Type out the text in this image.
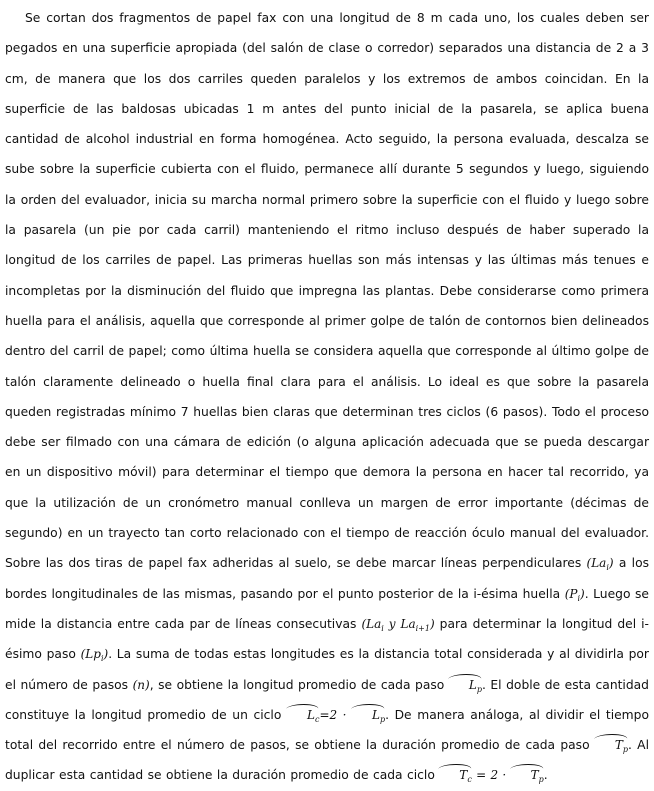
Se cortan dos fragmentos de papel fax con una longitud de 8 m cada uno, los cuales deben ser pegados en una superficie apropiada (del salón de clase o corredor) separados una distancia de 2 a 3 cm, de manera que los dos carriles queden paralelos y los extremos de ambos coincidan. En la superficie de las baldosas ubicadas 1 m antes del punto inicial de la pasarela, se aplica buena cantidad de alcohol industrial en forma homogénea. Acto seguido, la persona evaluada, descalza se sube sobre la superficie cubierta con el fluido, permanece allí durante 5 segundos y luego, siguiendo la orden del evaluador, inicia su marcha normal primero sobre la superficie con el fluido y luego sobre la pasarela (un pie por cada carril) manteniendo el ritmo incluso después de haber superado la longitud de los carriles de papel. Las primeras huellas son más intensas y las últimas más tenues e incompletas por la disminución del fluido que impregna las plantas. Debe considerarse como primera huella para el análisis, aquella que corresponde al primer golpe de talón de contornos bien delineados dentro del carril de papel; como última huella se considera aquella que corresponde al último golpe de talón claramente delineado o huella final clara para el análisis. Lo ideal es que sobre la pasarela queden registradas mínimo 7 huellas bien claras que determinan tres ciclos (6 pasos). Todo el proceso debe ser filmado con una cámara de edición (o alguna aplicación adecuada que se pueda descargar en un dispositivo móvil) para determinar el tiempo que demora la persona en hacer tal recorrido, ya que la utilización de un cronómetro manual conlleva un margen de error importante (décimas de segundo) en un trayecto tan corto relacionado con el tiempo de reacción óculo manual del evaluador. Sobre las dos tiras de papel fax adheridas al suelo, se debe marcar líneas perpendiculares $(La_i)$ a los bordes longitudinales de las mismas, pasando por el punto posterior de la i-ésima huella $(P_i)$. Luego se mide la distancia entre cada par de líneas consecutivas ($La_i$ y $La_{i+1}$) para determinar la longitud del i-ésimo paso $(Lp_i)$. La suma de todas estas longitudes es la distancia total considerada y al dividirla por el número de pasos (n), se obtiene la longitud promedio de cada paso $L_p$. El doble de esta cantidad constituye la longitud promedio de un ciclo $L_c=2 \cdot L_p$. De manera análoga, al dividir el tiempo total del recorrido entre el número de pasos, se obtiene la duración promedio de cada paso $T_p$. Al duplicar esta cantidad se obtiene la duración promedio de cada ciclo $T_c = 2 \cdot T_p$.
